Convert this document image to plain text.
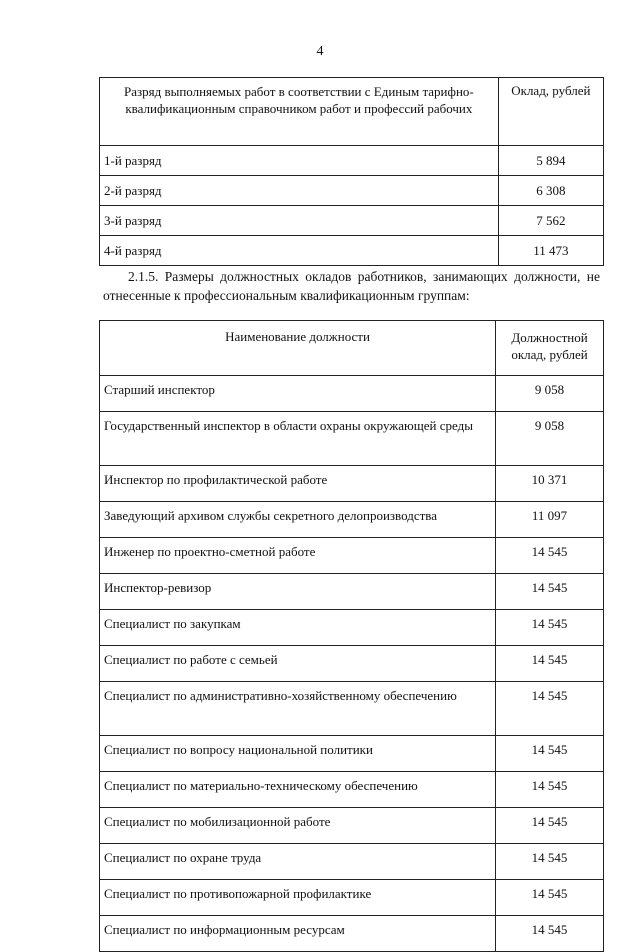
4
Разряд выполняемых работ в соответствии с Единым тарифно-квалификационным справочником работ и профессий рабочих	Оклад, рублей
1-й разряд	5 894
2-й разряд	6 308
3-й разряд	7 562
4-й разряд	11 473
2.1.5. Размеры должностных окладов работников, занимающих должности, не отнесенные к профессиональным квалификационным группам:
Наименование должности	Должностной оклад, рублей
Старший инспектор	9 058
Государственный инспектор в области охраны окружающей среды	9 058
Инспектор по профилактической работе	10 371
Заведующий архивом службы секретного делопроизводства	11 097
Инженер по проектно-сметной работе	14 545
Инспектор-ревизор	14 545
Специалист по закупкам	14 545
Специалист по работе с семьей	14 545
Специалист по административно-хозяйственному обеспечению	14 545
Специалист по вопросу национальной политики	14 545
Специалист по материально-техническому обеспечению	14 545
Специалист по мобилизационной работе	14 545
Специалист по охране труда	14 545
Специалист по противопожарной профилактике	14 545
Специалист по информационным ресурсам	14 545
